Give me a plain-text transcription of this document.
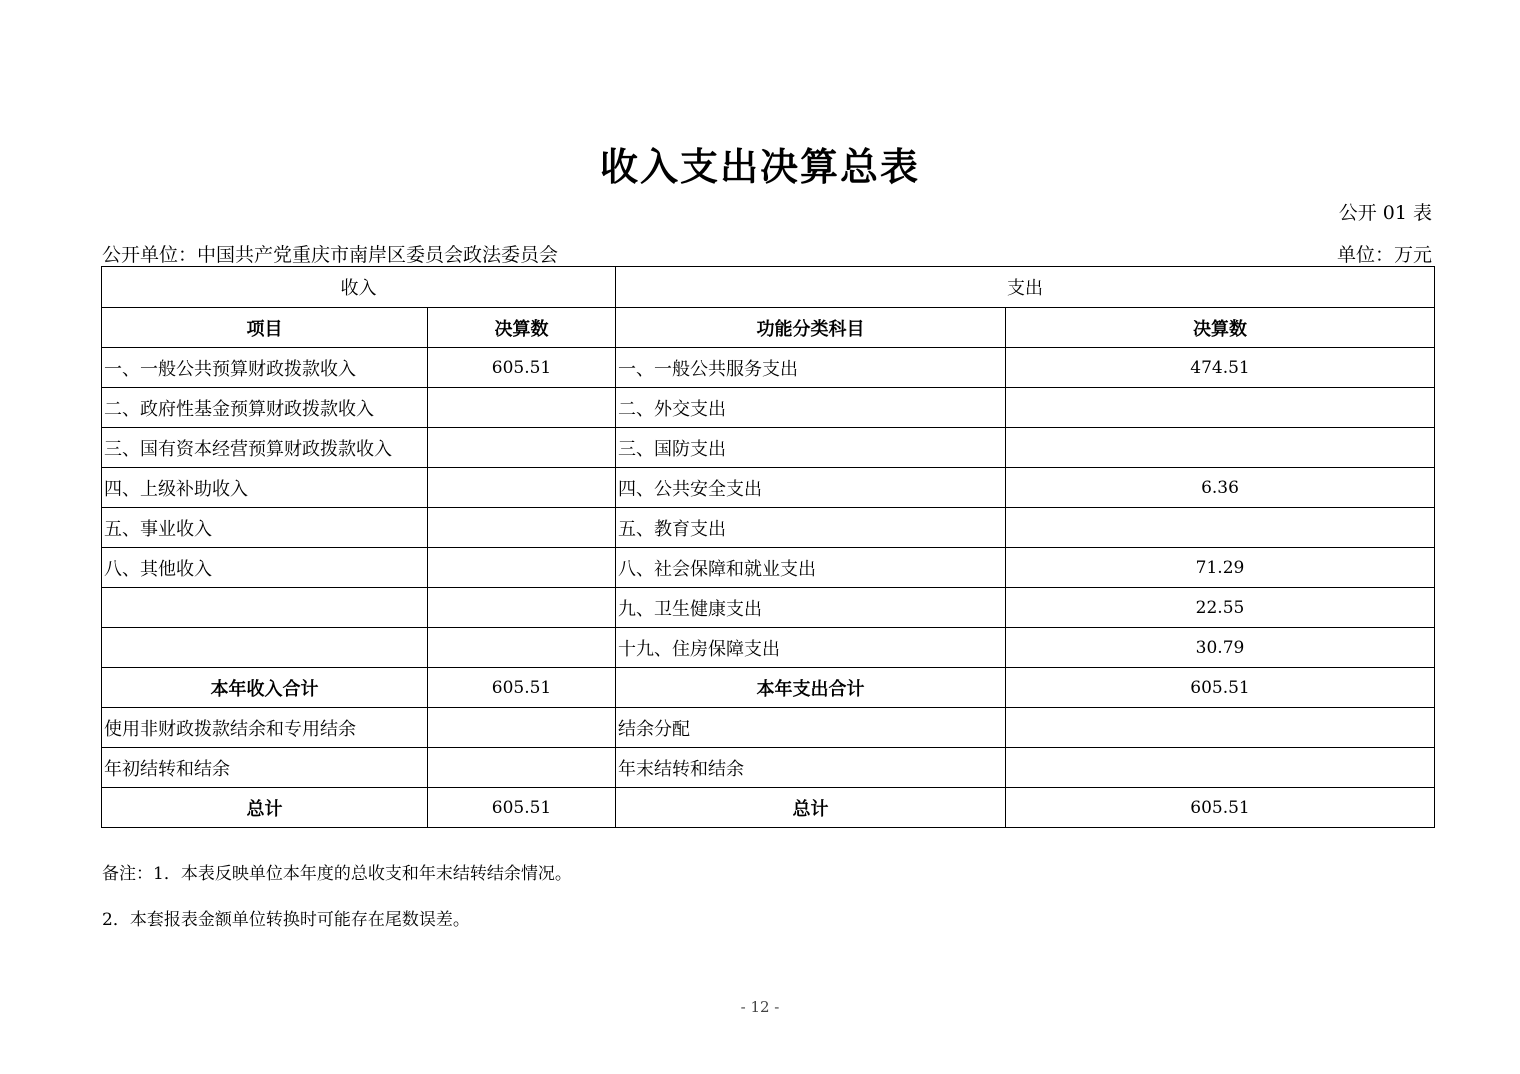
收入支出决算总表
公开 01 表
公开单位：中国共产党重庆市南岸区委员会政法委员会	单位：万元
收入		支出	
项目	决算数	功能分类科目	决算数
一、一般公共预算财政拨款收入	605.51	一、一般公共服务支出	474.51
二、政府性基金预算财政拨款收入		二、外交支出	
三、国有资本经营预算财政拨款收入		三、国防支出	
四、上级补助收入		四、公共安全支出	6.36
五、事业收入		五、教育支出	
八、其他收入		八、社会保障和就业支出	71.29
		九、卫生健康支出	22.55
		十九、住房保障支出	30.79
本年收入合计	605.51	本年支出合计	605.51
使用非财政拨款结余和专用结余		结余分配	
年初结转和结余		年末结转和结余	
总计	605.51	总计	605.51
备注：1．本表反映单位本年度的总收支和年末结转结余情况。
2．本套报表金额单位转换时可能存在尾数误差。
- 12 -
